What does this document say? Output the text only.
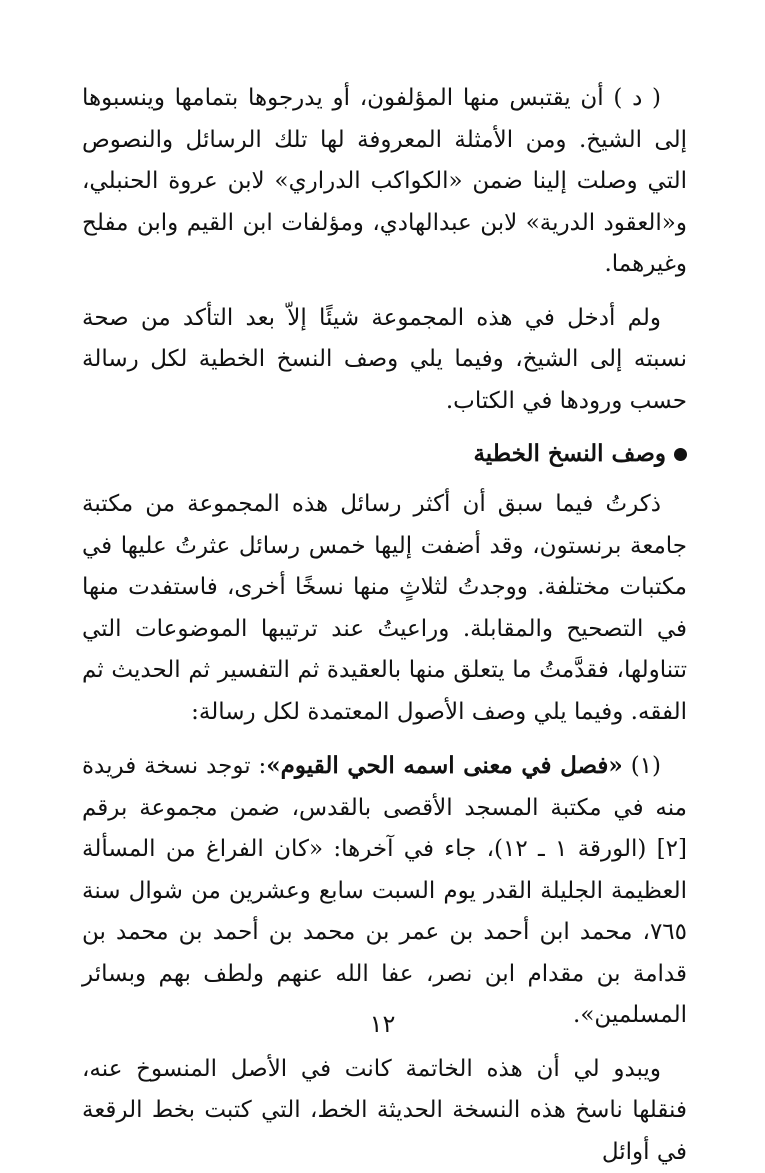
( د ) أن يقتبس منها المؤلفون، أو يدرجوها بتمامها وينسبوها إلى الشيخ. ومن الأمثلة المعروفة لها تلك الرسائل والنصوص التي وصلت إلينا ضمن «الكواكب الدراري» لابن عروة الحنبلي، و«العقود الدرية» لابن عبدالهادي، ومؤلفات ابن القيم وابن مفلح وغيرهما.

ولم أدخل في هذه المجموعة شيئًا إلاّ بعد التأكد من صحة نسبته إلى الشيخ، وفيما يلي وصف النسخ الخطية لكل رسالة حسب ورودها في الكتاب.

وصف النسخ الخطية

ذكرتُ فيما سبق أن أكثر رسائل هذه المجموعة من مكتبة جامعة برنستون، وقد أضفت إليها خمس رسائل عثرتُ عليها في مكتبات مختلفة. ووجدتُ لثلاثٍ منها نسخًا أخرى، فاستفدت منها في التصحيح والمقابلة. وراعيتُ عند ترتيبها الموضوعات التي تتناولها، فقدَّمتُ ما يتعلق منها بالعقيدة ثم التفسير ثم الحديث ثم الفقه. وفيما يلي وصف الأصول المعتمدة لكل رسالة:

(١) «فصل في معنى اسمه الحي القيوم»: توجد نسخة فريدة منه في مكتبة المسجد الأقصى بالقدس، ضمن مجموعة برقم [٢] (الورقة ١ ـ ١٢)، جاء في آخرها: «كان الفراغ من المسألة العظيمة الجليلة القدر يوم السبت سابع وعشرين من شوال سنة ٧٦٥، محمد ابن أحمد بن عمر بن محمد بن أحمد بن محمد بن قدامة بن مقدام ابن نصر، عفا الله عنهم ولطف بهم وبسائر المسلمين».

ويبدو لي أن هذه الخاتمة كانت في الأصل المنسوخ عنه، فنقلها ناسخ هذه النسخة الحديثة الخط، التي كتبت بخط الرقعة في أوائل

١٢
